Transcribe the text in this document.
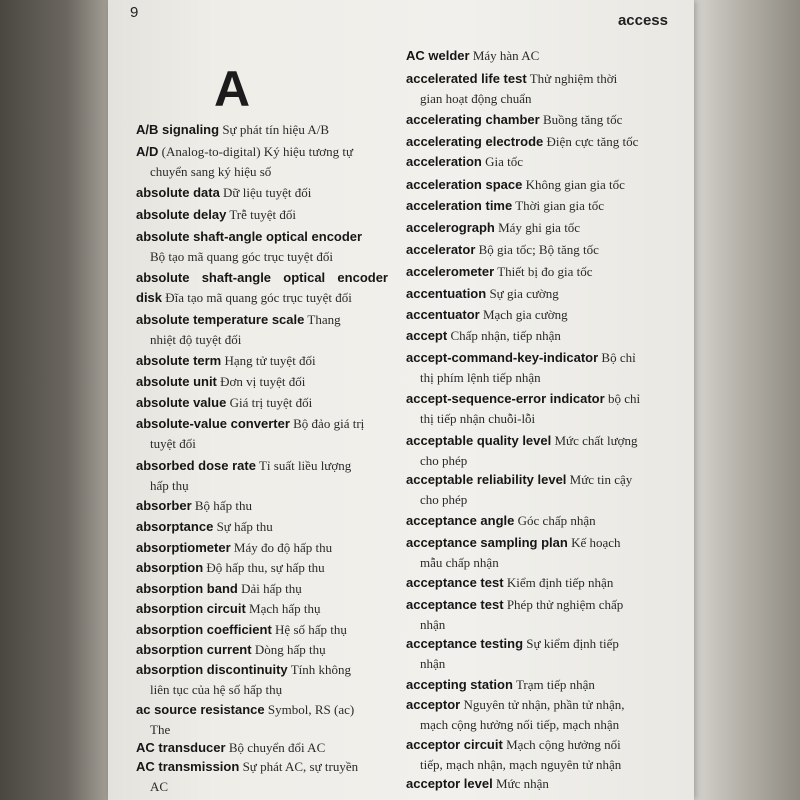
9	access
A
A/B signaling Sự phát tín hiệu A/B
A/D (Analog-to-digital) Ký hiệu tương tự
chuyển sang ký hiệu số
absolute data Dữ liệu tuyệt đối
absolute delay Trễ tuyệt đối
absolute shaft-angle optical encoder
Bộ tạo mã quang góc trục tuyệt đối
absolute shaft-angle optical encoder disk Đĩa tạo mã quang góc trục tuyệt đối
absolute temperature scale Thang
nhiệt độ tuyệt đối
absolute term Hạng tử tuyệt đối
absolute unit Đơn vị tuyệt đối
absolute value Giá trị tuyệt đối
absolute-value converter Bộ đảo giá trị
tuyệt đối
absorbed dose rate Tỉ suất liều lượng
hấp thụ
absorber Bộ hấp thu
absorptance Sự hấp thu
absorptiometer Máy đo độ hấp thu
absorption Độ hấp thu, sự hấp thu
absorption band Dải hấp thụ
absorption circuit Mạch hấp thụ
absorption coefficient Hệ số hấp thụ
absorption current Dòng hấp thụ
absorption discontinuity Tính không
liên tục của hệ số hấp thụ
ac source resistance Symbol, RS (ac)
The
AC transducer Bộ chuyển đổi AC
AC transmission Sự phát AC, sự truyền
AC
AC welder Máy hàn AC
accelerated life test Thử nghiệm thời
gian hoạt động chuẩn
accelerating chamber Buồng tăng tốc
accelerating electrode Điện cực tăng tốc
acceleration Gia tốc
acceleration space Không gian gia tốc
acceleration time Thời gian gia tốc
accelerograph Máy ghi gia tốc
accelerator Bộ gia tốc; Bộ tăng tốc
accelerometer Thiết bị đo gia tốc
accentuation Sự gia cường
accentuator Mạch gia cường
accept Chấp nhận, tiếp nhận
accept-command-key-indicator Bộ chỉ
thị phím lệnh tiếp nhận
accept-sequence-error indicator bộ chỉ
thị tiếp nhận chuỗi-lỗi
acceptable quality level Mức chất lượng
cho phép
acceptable reliability level Mức tin cậy
cho phép
acceptance angle Góc chấp nhận
acceptance sampling plan Kế hoạch
mẫu chấp nhận
acceptance test Kiểm định tiếp nhận
acceptance test Phép thử nghiệm chấp
nhận
acceptance testing Sự kiểm định tiếp
nhận
accepting station Trạm tiếp nhận
acceptor Nguyên tử nhận, phần tử nhận,
mạch cộng hưởng nối tiếp, mạch nhận
acceptor circuit Mạch cộng hưởng nối
tiếp, mạch nhận, mạch nguyên tử nhận
acceptor level Mức nhận
